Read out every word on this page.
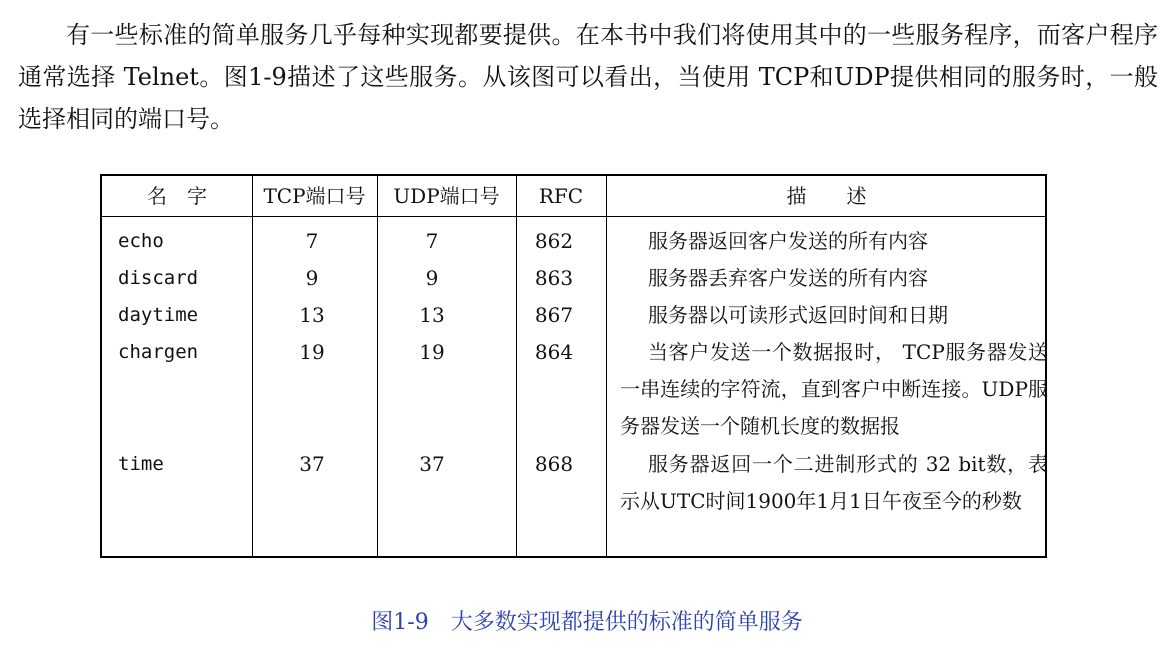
有一些标准的简单服务几乎每种实现都要提供。在本书中我们将使用其中的一些服务程序，而客户程序通常选择 Telnet。图1-9描述了这些服务。从该图可以看出，当使用 TCP和UDP提供相同的服务时，一般选择相同的端口号。

名　字	TCP端口号	UDP端口号	RFC	描　　述
echo	7	7	862	服务器返回客户发送的所有内容
discard	9	9	863	服务器丢弃客户发送的所有内容
daytime	13	13	867	服务器以可读形式返回时间和日期
chargen	19	19	864	当客户发送一个数据报时， TCP服务器发送一串连续的字符流，直到客户中断连接。UDP服务器发送一个随机长度的数据报
time	37	37	868	服务器返回一个二进制形式的 32 bit数，表示从UTC时间1900年1月1日午夜至今的秒数
图1-9　大多数实现都提供的标准的简单服务
